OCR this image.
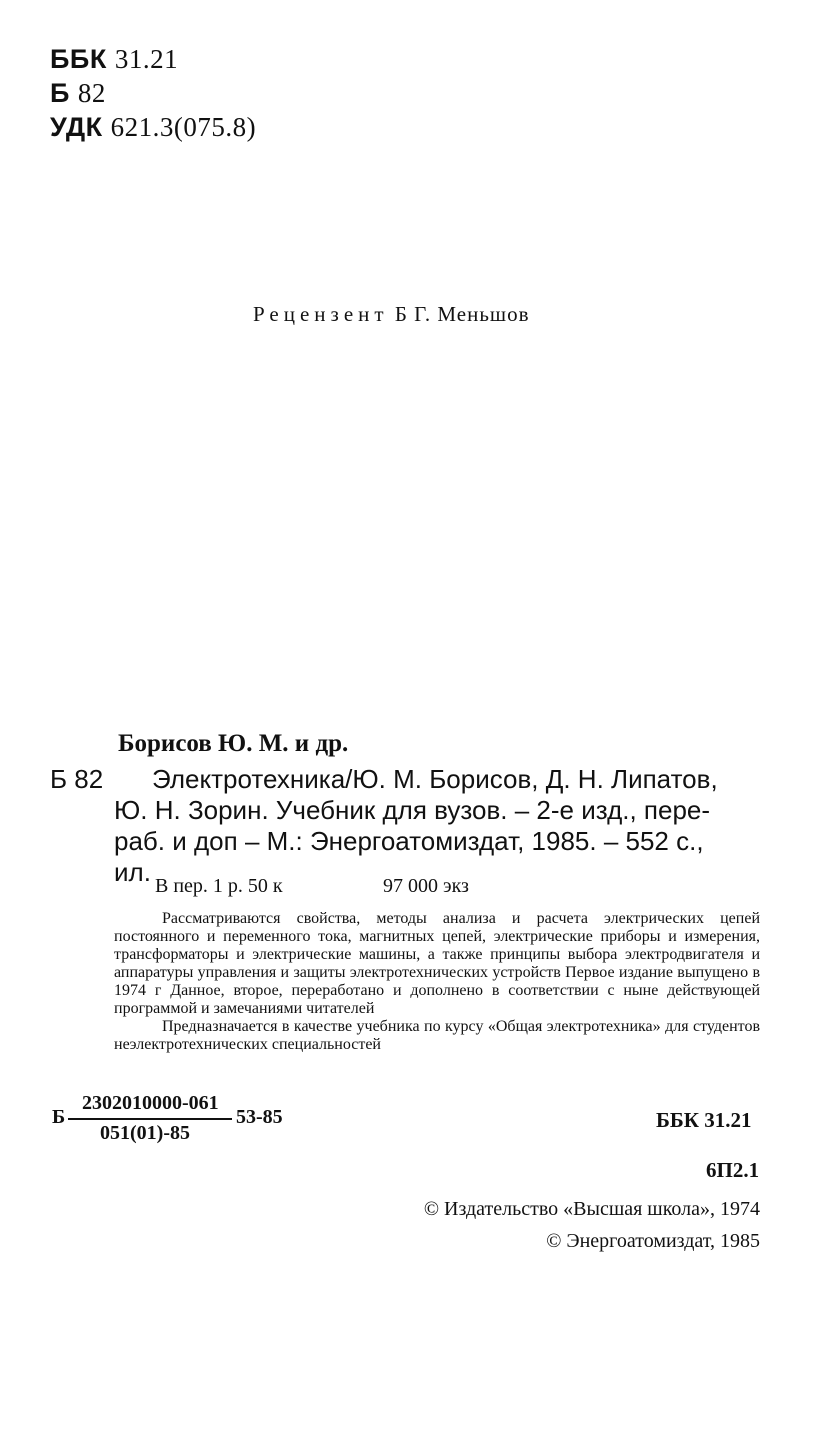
ББК 31.21
Б 82
УДК 621.3(075.8)
Рецензент Б Г. Меньшов
Борисов Ю. М. и др.
Б 82 Электротехника/Ю. М. Борисов, Д. Н. Липатов,
Ю. Н. Зорин. Учебник для вузов. – 2-е изд., пере-
раб. и доп – М.: Энергоатомиздат, 1985. – 552 с.,
ил. В пер. 1 р. 50 к	97 000 экз

Рассматриваются свойства, методы анализа и расчета электрических цепей постоянного и переменного тока, магнитных цепей, электрические приборы и измерения, трансформаторы и электрические машины, а также принципы выбора электродвигателя и аппаратуры управления и защиты электротехнических устройств Первое издание выпущено в 1974 г Данное, второе, переработано и дополнено в соответствии с ныне действующей программой и замечаниями читателей

Предназначается в качестве учебника по курсу «Общая электротехника» для студентов неэлектротехнических специальностей

Б
2302010000-061
051(01)-85
53-85	ББК 31.21
6П2.1
© Издательство «Высшая школа», 1974
© Энергоатомиздат, 1985
